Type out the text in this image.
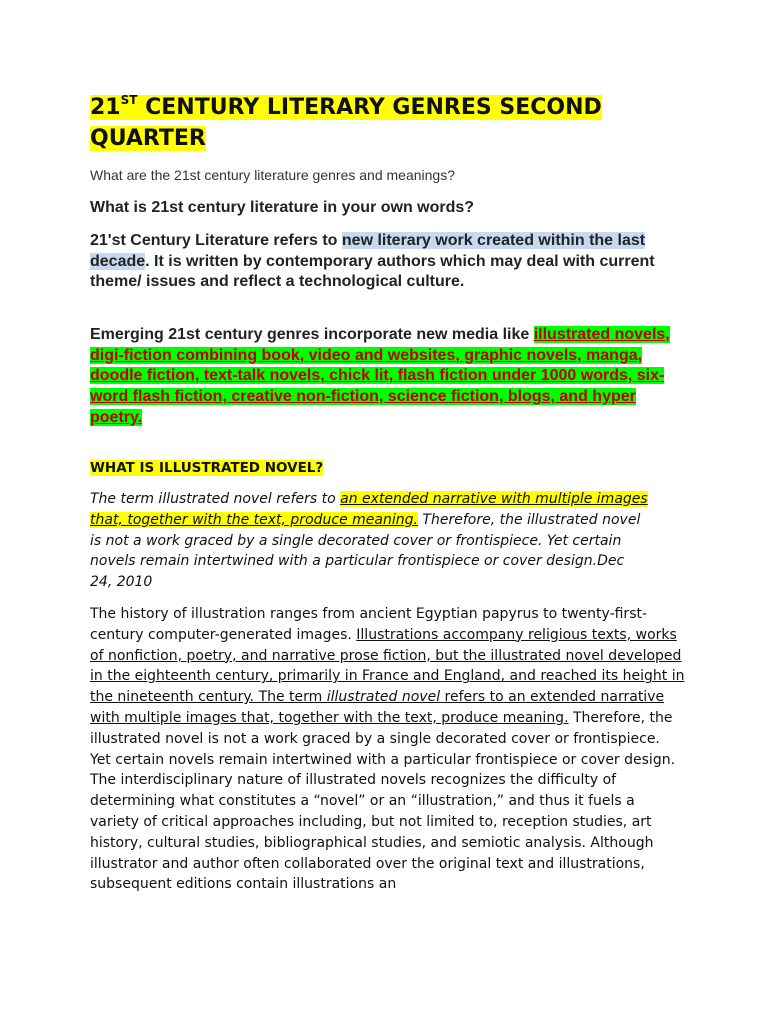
21ST CENTURY LITERARY GENRES SECOND QUARTER

What are the 21st century literature genres and meanings?

What is 21st century literature in your own words?

21'st Century Literature refers to new literary work created within the last decade. It is written by contemporary authors which may deal with current theme/ issues and reflect a technological culture.

Emerging 21st century genres incorporate new media like illustrated novels, digi-fiction combining book, video and websites, graphic novels, manga, doodle fiction, text-talk novels, chick lit, flash fiction under 1000 words, six-word flash fiction, creative non-fiction, science fiction, blogs, and hyper poetry.

WHAT IS ILLUSTRATED NOVEL?

The term illustrated novel refers to an extended narrative with multiple images that, together with the text, produce meaning. Therefore, the illustrated novel is not a work graced by a single decorated cover or frontispiece. Yet certain novels remain intertwined with a particular frontispiece or cover design.Dec 24, 2010

The history of illustration ranges from ancient Egyptian papyrus to twenty-first-century computer-generated images. Illustrations accompany religious texts, works of nonfiction, poetry, and narrative prose fiction, but the illustrated novel developed in the eighteenth century, primarily in France and England, and reached its height in the nineteenth century. The term illustrated novel refers to an extended narrative with multiple images that, together with the text, produce meaning. Therefore, the illustrated novel is not a work graced by a single decorated cover or frontispiece. Yet certain novels remain intertwined with a particular frontispiece or cover design. The interdisciplinary nature of illustrated novels recognizes the difficulty of determining what constitutes a “novel” or an “illustration,” and thus it fuels a variety of critical approaches including, but not limited to, reception studies, art history, cultural studies, bibliographical studies, and semiotic analysis. Although illustrator and author often collaborated over the original text and illustrations, subsequent editions contain illustrations an
